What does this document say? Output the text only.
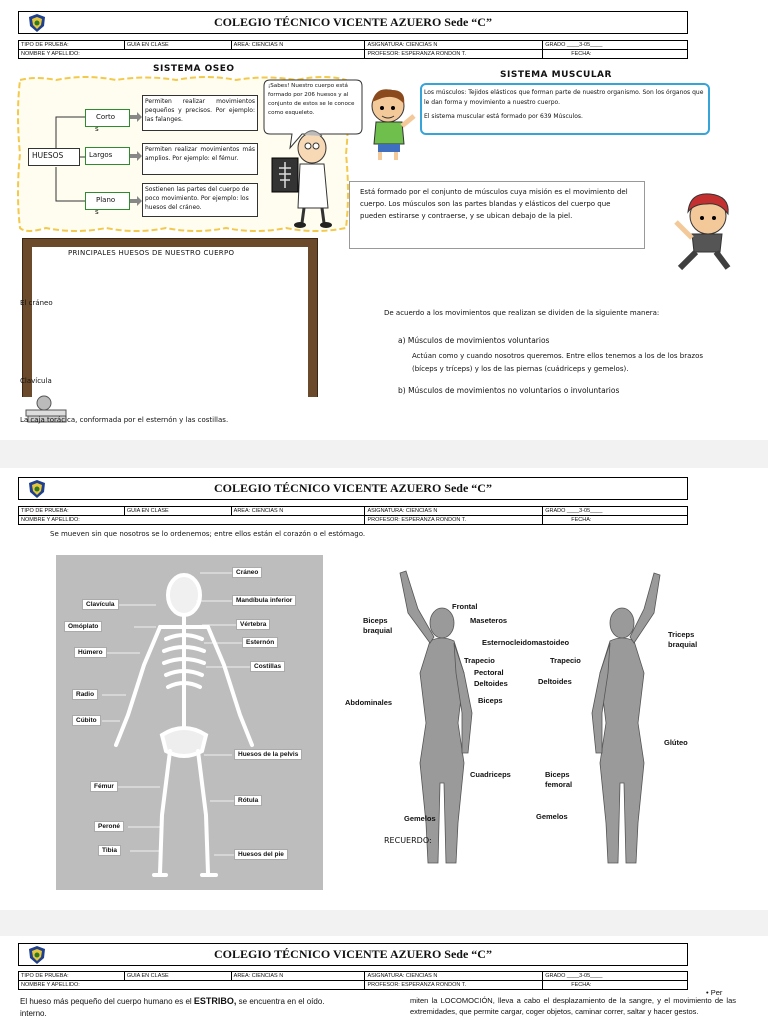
COLEGIO TÉCNICO VICENTE AZUERO Sede “C”
TIPO DE PRUEBA:	GUIA EN CLASE	AREA: CIENCIAS N	ASIGNATURA: CIENCIAS N	GRADO ____3-05____
NOMBRE Y APELLIDO:			PROFESOR: ESPERANZA RONDON T.	FECHA:
SISTEMA OSEO
HUESOS
Corto
s
Largos
Plano
s
Permiten realizar movimientos pequeños y precisos. Por ejemplo: las falanges.
Permiten realizar movimientos más amplios. Por ejemplo: el fémur.
Sostienen las partes del cuerpo de poco movimiento. Por ejemplo: los huesos del cráneo.
¡Sabes! Nuestro cuerpo está formado por 206 huesos y al conjunto de estos se le conoce como esqueleto.
SISTEMA MUSCULAR
Los músculos: Tejidos elásticos que forman parte de nuestro organismo. Son los órganos que le dan forma y movimiento a nuestro cuerpo.
El sistema muscular está formado por 639 Músculos.
Está formado por el conjunto de músculos cuya misión es el movimiento del cuerpo. Los músculos son las partes blandas y elásticos del cuerpo que pueden estirarse y contraerse, y se ubican debajo de la piel.
PRINCIPALES HUESOS DE NUESTRO CUERPO

El cráneo

Clavícula

La caja torácica, conformada por el esternón y las costillas.

De acuerdo a los movimientos que realizan se dividen de la siguiente manera:
a) Músculos de movimientos voluntarios
Actúan como y cuando nosotros queremos. Entre ellos tenemos a los de los brazos (bíceps y tríceps) y los de las piernas (cuádriceps y gemelos).
b) Músculos de movimientos no voluntarios o involuntarios
COLEGIO TÉCNICO VICENTE AZUERO Sede “C”
TIPO DE PRUEBA:	GUIA EN CLASE	AREA: CIENCIAS N	ASIGNATURA: CIENCIAS N	GRADO ____3-05____
NOMBRE Y APELLIDO:			PROFESOR: ESPERANZA RONDON T.	FECHA:
Se mueven sin que nosotros se lo ordenemos; entre ellos están el corazón o el estómago.
Clavícula
Omóplato
Húmero
Radio
Cúbito
Fémur
Peroné
Tibia
Cráneo
Mandíbula inferior
Vértebra
Esternón
Costillas
Huesos de la pelvis
Rótula
Huesos del pie
Biceps braquial
Frontal
Maseteros
Esternocleidomastoideo
Trapecio
Pectoral
Deltoides
Abdominales	Biceps
Cuadriceps
Gemelos
Triceps braquial
Trapecio
Deltoides
Glúteo
Biceps femoral
Gemelos
RECUERDO:
COLEGIO TÉCNICO VICENTE AZUERO Sede “C”
TIPO DE PRUEBA:	GUIA EN CLASE	AREA: CIENCIAS N	ASIGNATURA: CIENCIAS N	GRADO ____3-05____
NOMBRE Y APELLIDO:			PROFESOR: ESPERANZA RONDON T.	FECHA:
El hueso más pequeño del cuerpo humano es el ESTRIBO, se encuentra en el oído.
interno.
• Per
miten la LOCOMOCIÓN, lleva a cabo el desplazamiento de la sangre, y el movimiento de las extremidades, que permite cargar, coger objetos, caminar correr, saltar y hacer gestos.
